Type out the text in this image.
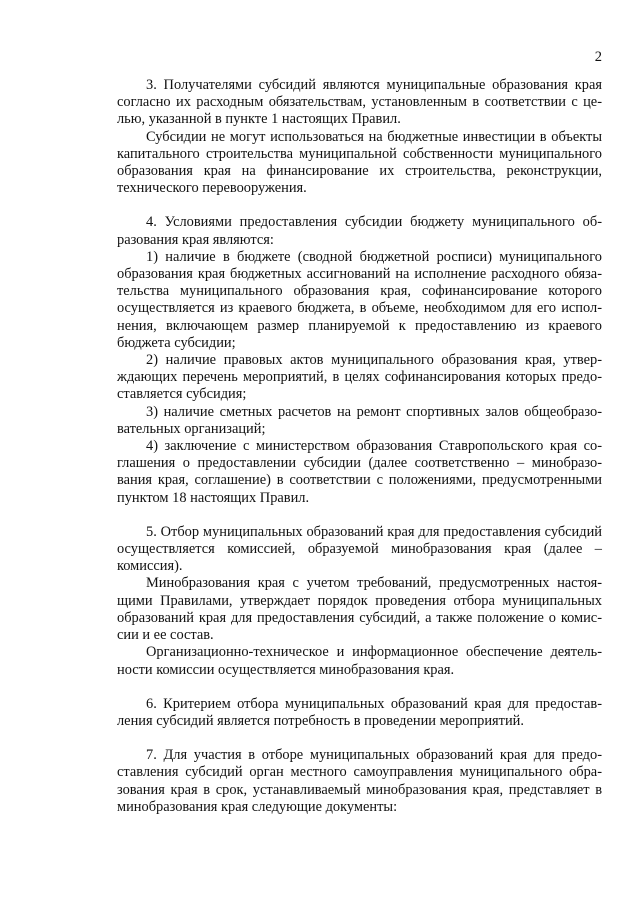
2

3. Получателями субсидий являются муниципальные образования края согласно их расходным обязательствам, установленным в соответствии с целью, указанной в пункте 1 настоящих Правил.

Субсидии не могут использоваться на бюджетные инвестиции в объекты капитального строительства муниципальной собственности муниципального образования края на финансирование их строительства, реконструкции, технического перевооружения.

4. Условиями предоставления субсидии бюджету муниципального образования края являются:

1) наличие в бюджете (сводной бюджетной росписи) муниципального образования края бюджетных ассигнований на исполнение расходного обязательства муниципального образования края, софинансирование которого осуществляется из краевого бюджета, в объеме, необходимом для его исполнения, включающем размер планируемой к предоставлению из краевого бюджета субсидии;

2) наличие правовых актов муниципального образования края, утверждающих перечень мероприятий, в целях софинансирования которых предоставляется субсидия;

3) наличие сметных расчетов на ремонт спортивных залов общеобразовательных организаций;

4) заключение с министерством образования Ставропольского края соглашения о предоставлении субсидии (далее соответственно – минобразования края, соглашение) в соответствии с положениями, предусмотренными пунктом 18 настоящих Правил.

5. Отбор муниципальных образований края для предоставления субсидий осуществляется комиссией, образуемой минобразования края (далее – комиссия).

Минобразования края с учетом требований, предусмотренных настоящими Правилами, утверждает порядок проведения отбора муниципальных образований края для предоставления субсидий, а также положение о комиссии и ее состав.

Организационно-техническое и информационное обеспечение деятельности комиссии осуществляется минобразования края.

6. Критерием отбора муниципальных образований края для предоставления субсидий является потребность в проведении мероприятий.

7. Для участия в отборе муниципальных образований края для предоставления субсидий орган местного самоуправления муниципального образования края в срок, устанавливаемый минобразования края, представляет в минобразования края следующие документы:
